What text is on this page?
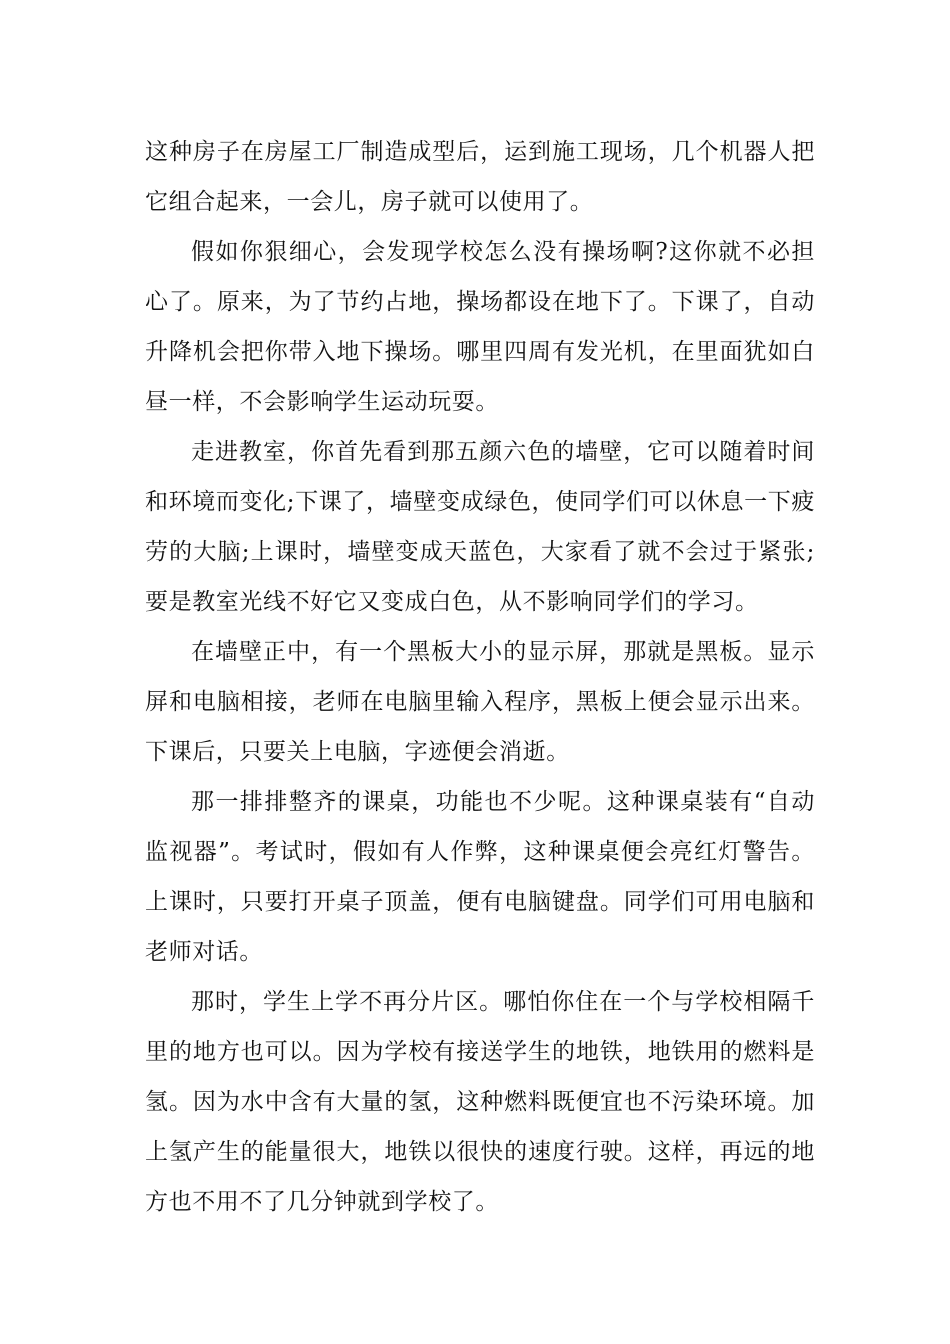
这种房子在房屋工厂制造成型后，运到施工现场，几个机器人把它组合起来，一会儿，房子就可以使用了。

假如你狠细心，会发现学校怎么没有操场啊?这你就不必担心了。原来，为了节约占地，操场都设在地下了。下课了，自动升降机会把你带入地下操场。哪里四周有发光机，在里面犹如白昼一样，不会影响学生运动玩耍。

走进教室，你首先看到那五颜六色的墙壁，它可以随着时间和环境而变化;下课了，墙壁变成绿色，使同学们可以休息一下疲劳的大脑;上课时，墙壁变成天蓝色，大家看了就不会过于紧张;要是教室光线不好它又变成白色，从不影响同学们的学习。

在墙壁正中，有一个黑板大小的显示屏，那就是黑板。显示屏和电脑相接，老师在电脑里输入程序，黑板上便会显示出来。下课后，只要关上电脑，字迹便会消逝。

那一排排整齐的课桌，功能也不少呢。这种课桌装有“自动监视器”。考试时，假如有人作弊，这种课桌便会亮红灯警告。上课时，只要打开桌子顶盖，便有电脑键盘。同学们可用电脑和老师对话。

那时，学生上学不再分片区。哪怕你住在一个与学校相隔千里的地方也可以。因为学校有接送学生的地铁，地铁用的燃料是氢。因为水中含有大量的氢，这种燃料既便宜也不污染环境。加上氢产生的能量很大，地铁以很快的速度行驶。这样，再远的地方也不用不了几分钟就到学校了。
